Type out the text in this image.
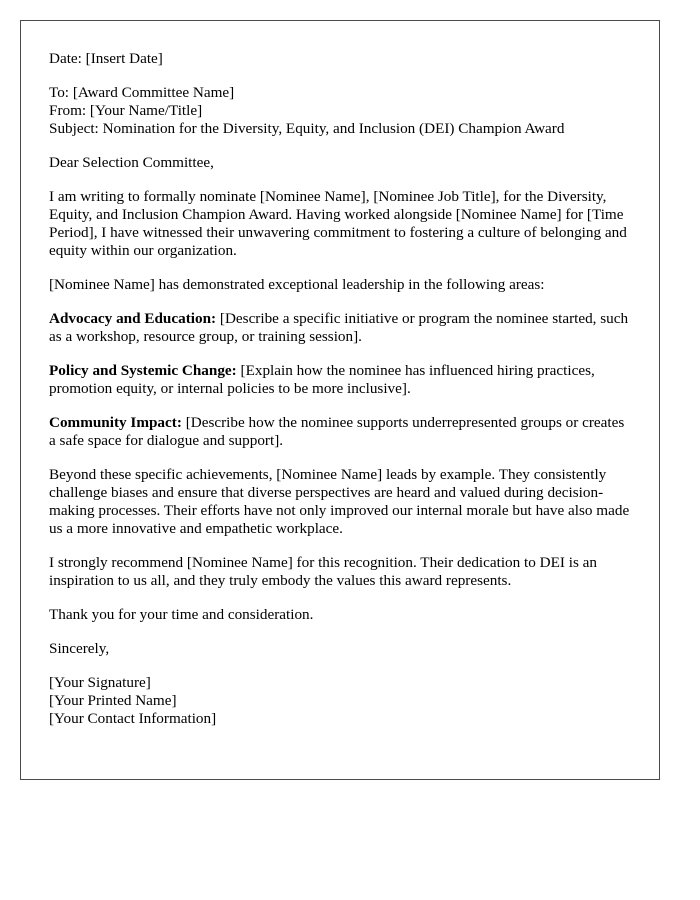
Date: [Insert Date]

To: [Award Committee Name]
From: [Your Name/Title]
Subject: Nomination for the Diversity, Equity, and Inclusion (DEI) Champion Award

Dear Selection Committee,

I am writing to formally nominate [Nominee Name], [Nominee Job Title], for the Diversity, Equity, and Inclusion Champion Award. Having worked alongside [Nominee Name] for [Time Period], I have witnessed their unwavering commitment to fostering a culture of belonging and equity within our organization.

[Nominee Name] has demonstrated exceptional leadership in the following areas:

Advocacy and Education: [Describe a specific initiative or program the nominee started, such as a workshop, resource group, or training session].

Policy and Systemic Change: [Explain how the nominee has influenced hiring practices, promotion equity, or internal policies to be more inclusive].

Community Impact: [Describe how the nominee supports underrepresented groups or creates a safe space for dialogue and support].

Beyond these specific achievements, [Nominee Name] leads by example. They consistently challenge biases and ensure that diverse perspectives are heard and valued during decision-making processes. Their efforts have not only improved our internal morale but have also made us a more innovative and empathetic workplace.

I strongly recommend [Nominee Name] for this recognition. Their dedication to DEI is an inspiration to us all, and they truly embody the values this award represents.

Thank you for your time and consideration.

Sincerely,

[Your Signature]
[Your Printed Name]
[Your Contact Information]
